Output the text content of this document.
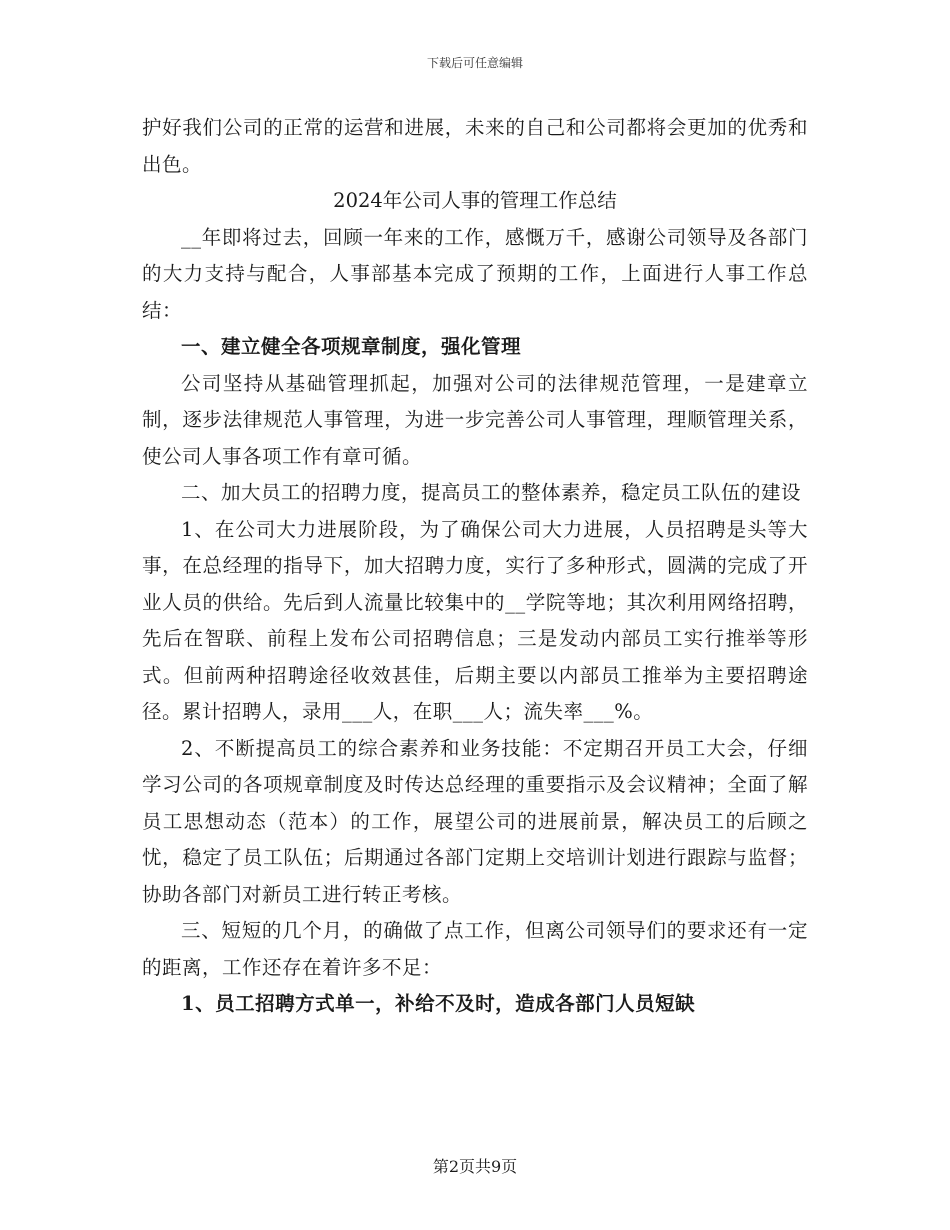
下载后可任意编辑

护好我们公司的正常的运营和进展，未来的自己和公司都将会更加的优秀和出色。

2024年公司人事的管理工作总结

__年即将过去，回顾一年来的工作，感慨万千，感谢公司领导及各部门的大力支持与配合，人事部基本完成了预期的工作，上面进行人事工作总结：

一、建立健全各项规章制度，强化管理

公司坚持从基础管理抓起，加强对公司的法律规范管理，一是建章立制，逐步法律规范人事管理，为进一步完善公司人事管理，理顺管理关系，使公司人事各项工作有章可循。

二、加大员工的招聘力度，提高员工的整体素养，稳定员工队伍的建设

1、在公司大力进展阶段，为了确保公司大力进展，人员招聘是头等大事，在总经理的指导下，加大招聘力度，实行了多种形式，圆满的完成了开业人员的供给。先后到人流量比较集中的__学院等地；其次利用网络招聘，先后在智联、前程上发布公司招聘信息；三是发动内部员工实行推举等形式。但前两种招聘途径收效甚佳，后期主要以内部员工推举为主要招聘途径。累计招聘人，录用___人，在职___人；流失率___%。

2、不断提高员工的综合素养和业务技能：不定期召开员工大会，仔细学习公司的各项规章制度及时传达总经理的重要指示及会议精神；全面了解员工思想动态（范本）的工作，展望公司的进展前景，解决员工的后顾之忧，稳定了员工队伍；后期通过各部门定期上交培训计划进行跟踪与监督；协助各部门对新员工进行转正考核。

三、短短的几个月，的确做了点工作，但离公司领导们的要求还有一定的距离，工作还存在着许多不足：

1、员工招聘方式单一，补给不及时，造成各部门人员短缺

第2页共9页
